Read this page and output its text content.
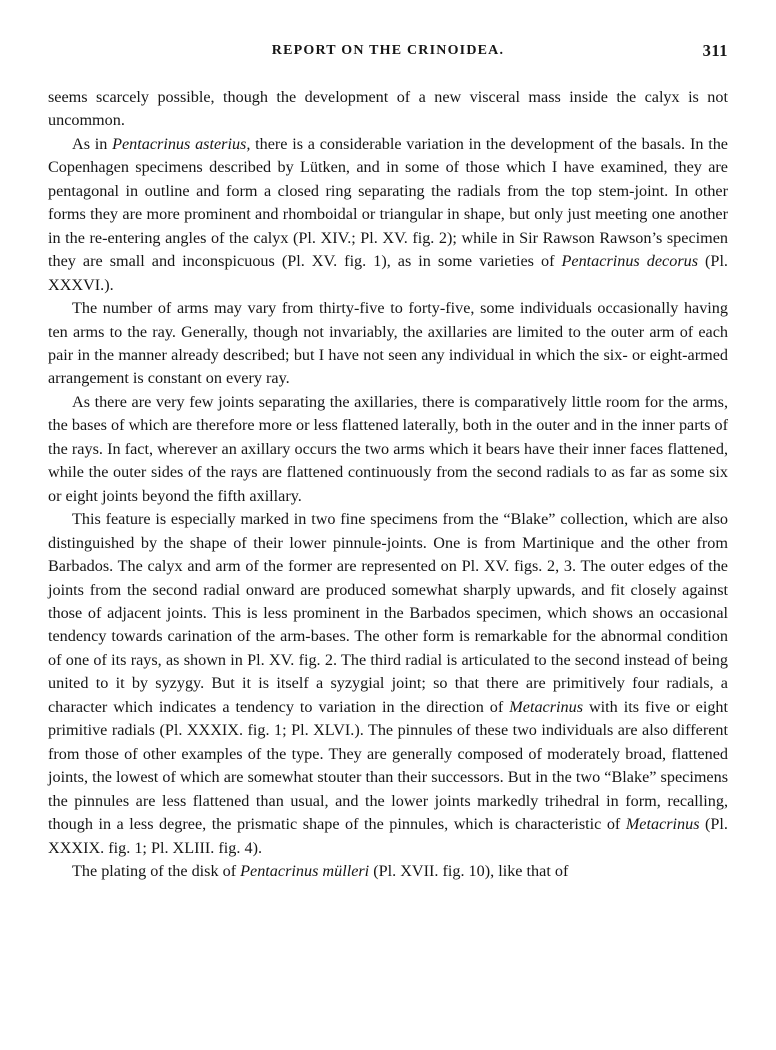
REPORT ON THE CRINOIDEA.	311

seems scarcely possible, though the development of a new visceral mass inside the calyx is not uncommon.

As in Pentacrinus asterius, there is a considerable variation in the development of the basals. In the Copenhagen specimens described by Lütken, and in some of those which I have examined, they are pentagonal in outline and form a closed ring separating the radials from the top stem-joint. In other forms they are more prominent and rhomboidal or triangular in shape, but only just meeting one another in the re-entering angles of the calyx (Pl. XIV.; Pl. XV. fig. 2); while in Sir Rawson Rawson’s specimen they are small and inconspicuous (Pl. XV. fig. 1), as in some varieties of Pentacrinus decorus (Pl. XXXVI.).

The number of arms may vary from thirty-five to forty-five, some individuals occasionally having ten arms to the ray. Generally, though not invariably, the axillaries are limited to the outer arm of each pair in the manner already described; but I have not seen any individual in which the six- or eight-armed arrangement is constant on every ray.

As there are very few joints separating the axillaries, there is comparatively little room for the arms, the bases of which are therefore more or less flattened laterally, both in the outer and in the inner parts of the rays. In fact, wherever an axillary occurs the two arms which it bears have their inner faces flattened, while the outer sides of the rays are flattened continuously from the second radials to as far as some six or eight joints beyond the fifth axillary.

This feature is especially marked in two fine specimens from the “Blake” collection, which are also distinguished by the shape of their lower pinnule-joints. One is from Martinique and the other from Barbados. The calyx and arm of the former are represented on Pl. XV. figs. 2, 3. The outer edges of the joints from the second radial onward are produced somewhat sharply upwards, and fit closely against those of adjacent joints. This is less prominent in the Barbados specimen, which shows an occasional tendency towards carination of the arm-bases. The other form is remarkable for the abnormal condition of one of its rays, as shown in Pl. XV. fig. 2. The third radial is articulated to the second instead of being united to it by syzygy. But it is itself a syzygial joint; so that there are primitively four radials, a character which indicates a tendency to variation in the direction of Metacrinus with its five or eight primitive radials (Pl. XXXIX. fig. 1; Pl. XLVI.). The pinnules of these two individuals are also different from those of other examples of the type. They are generally composed of moderately broad, flattened joints, the lowest of which are somewhat stouter than their successors. But in the two “Blake” specimens the pinnules are less flattened than usual, and the lower joints markedly trihedral in form, recalling, though in a less degree, the prismatic shape of the pinnules, which is characteristic of Metacrinus (Pl. XXXIX. fig. 1; Pl. XLIII. fig. 4).

The plating of the disk of Pentacrinus mülleri (Pl. XVII. fig. 10), like that of
